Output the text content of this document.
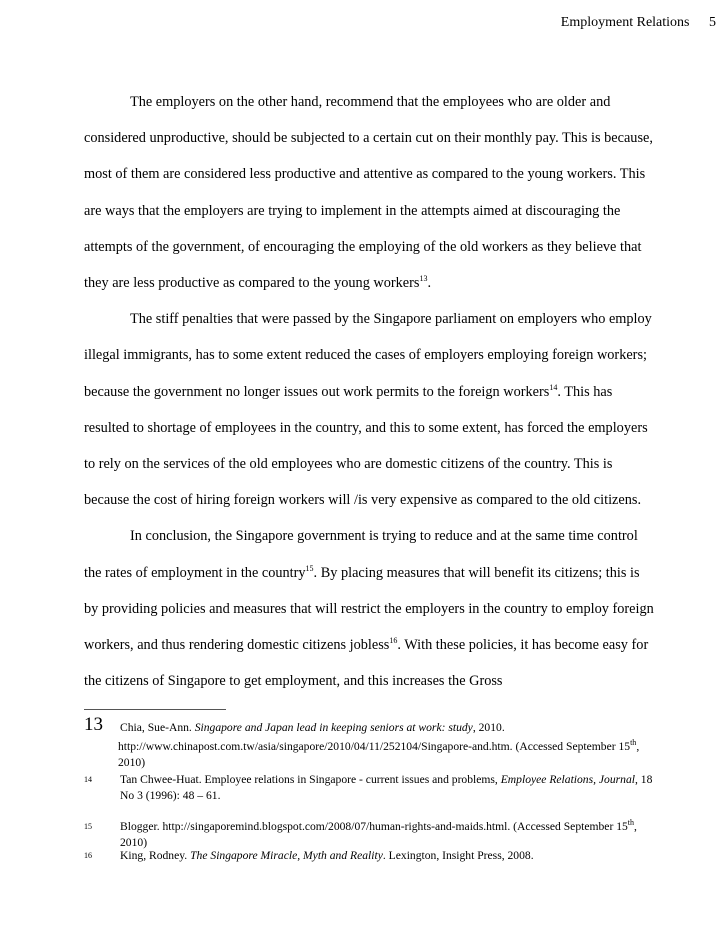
Employment Relations 5

The employers on the other hand, recommend that the employees who are older and considered unproductive, should be subjected to a certain cut on their monthly pay. This is because, most of them are considered less productive and attentive as compared to the young workers. This are ways that the employers are trying to implement in the attempts aimed at discouraging the attempts of the government, of encouraging the employing of the old workers as they believe that they are less productive as compared to the young workers$^{13}$.

The stiff penalties that were passed by the Singapore parliament on employers who employ illegal immigrants, has to some extent reduced the cases of employers employing foreign workers; because the government no longer issues out work permits to the foreign workers$^{14}$. This has resulted to shortage of employees in the country, and this to some extent, has forced the employers to rely on the services of the old employees who are domestic citizens of the country. This is because the cost of hiring foreign workers will /is very expensive as compared to the old citizens.

In conclusion, the Singapore government is trying to reduce and at the same time control the rates of employment in the country$^{15}$. By placing measures that will benefit its citizens; this is by providing policies and measures that will restrict the employers in the country to employ foreign workers, and thus rendering domestic citizens jobless$^{16}$. With these policies, it has become easy for the citizens of Singapore to get employment, and this increases the Gross

13 Chia, Sue-Ann. Singapore and Japan lead in keeping seniors at work: study, 2010.
http://www.chinapost.com.tw/asia/singapore/2010/04/11/252104/Singapore-and.htm. (Accessed September 15th, 2010)
14 Tan Chwee-Huat. Employee relations in Singapore - current issues and problems, Employee Relations, Journal, 18 No 3 (1996): 48 – 61.
15 Blogger. http://singaporemind.blogspot.com/2008/07/human-rights-and-maids.html. (Accessed September 15th, 2010)
16 King, Rodney. The Singapore Miracle, Myth and Reality. Lexington, Insight Press, 2008.
